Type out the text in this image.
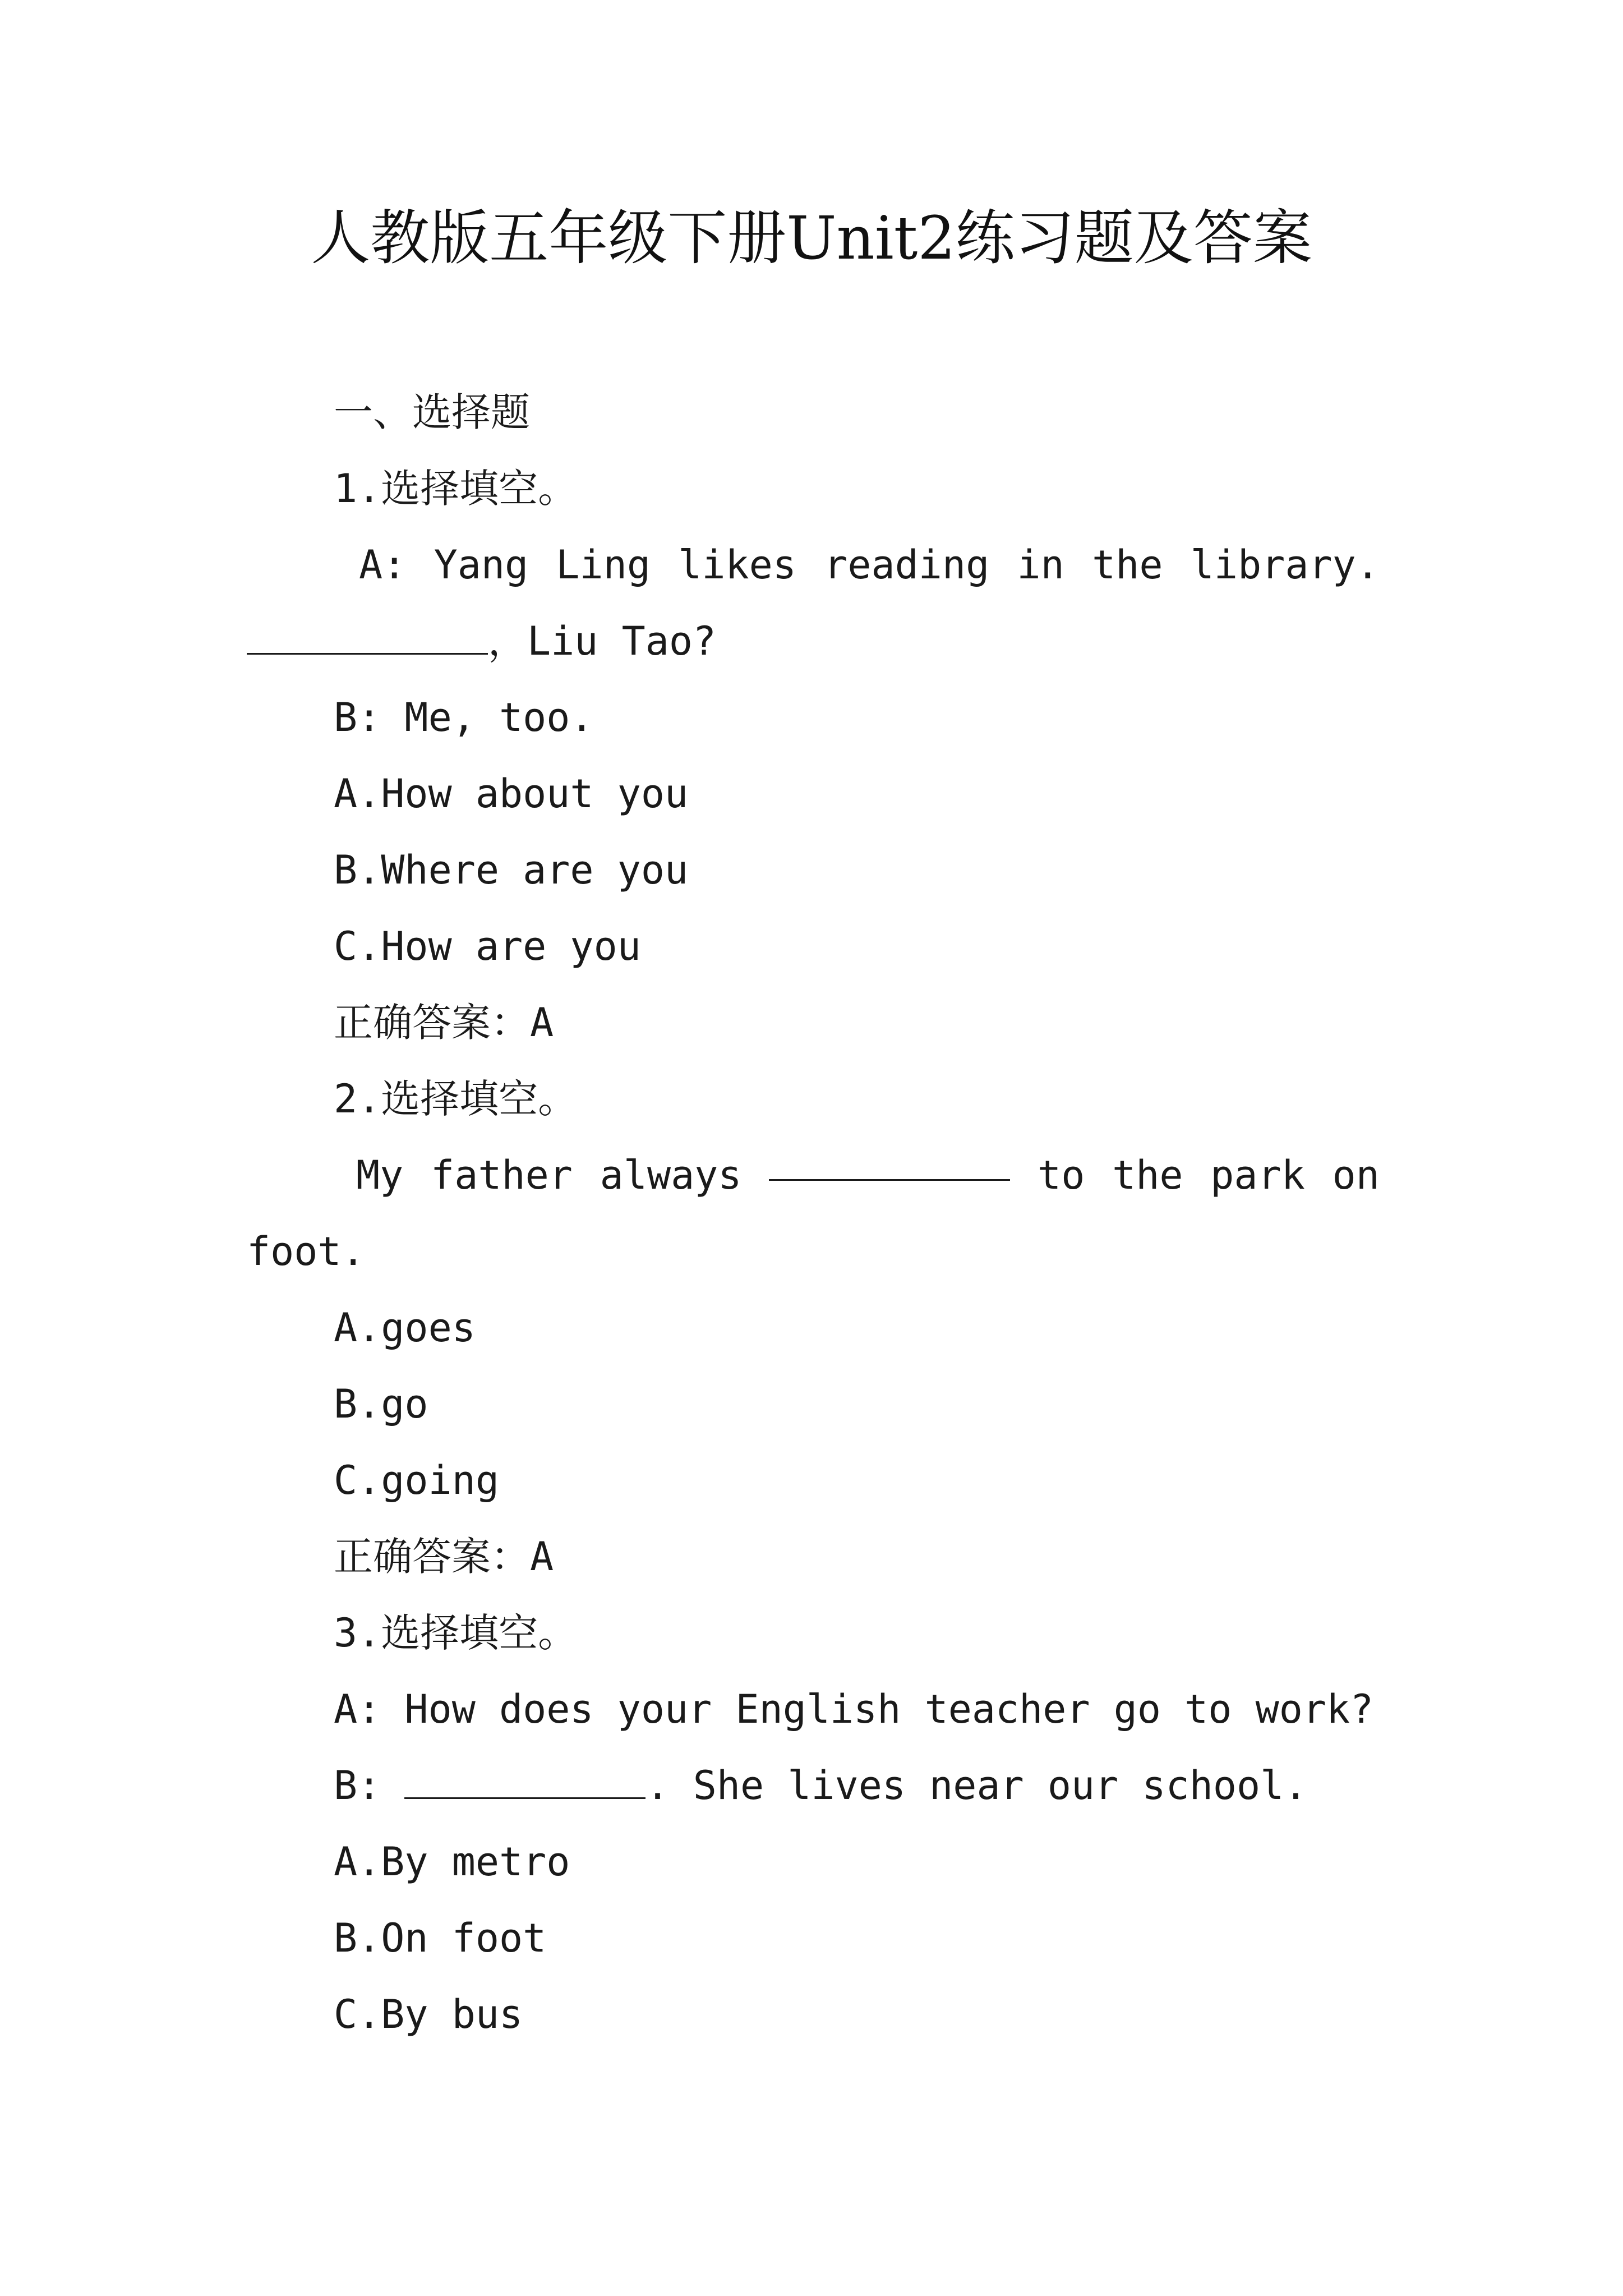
人教版五年级下册Unit2练习题及答案
一、选择题
1.选择填空。
A: Yang Ling likes reading in the library.
，Liu Tao?
B: Me, too.
A.How about you
B.Where are you
C.How are you
正确答案：A
2.选择填空。
My father always	to the park on
foot.
A.goes
B.go
C.going
正确答案：A
3.选择填空。
A: How does your English teacher go to work?
B:	. She lives near our school.
A.By metro
B.On foot
C.By bus
